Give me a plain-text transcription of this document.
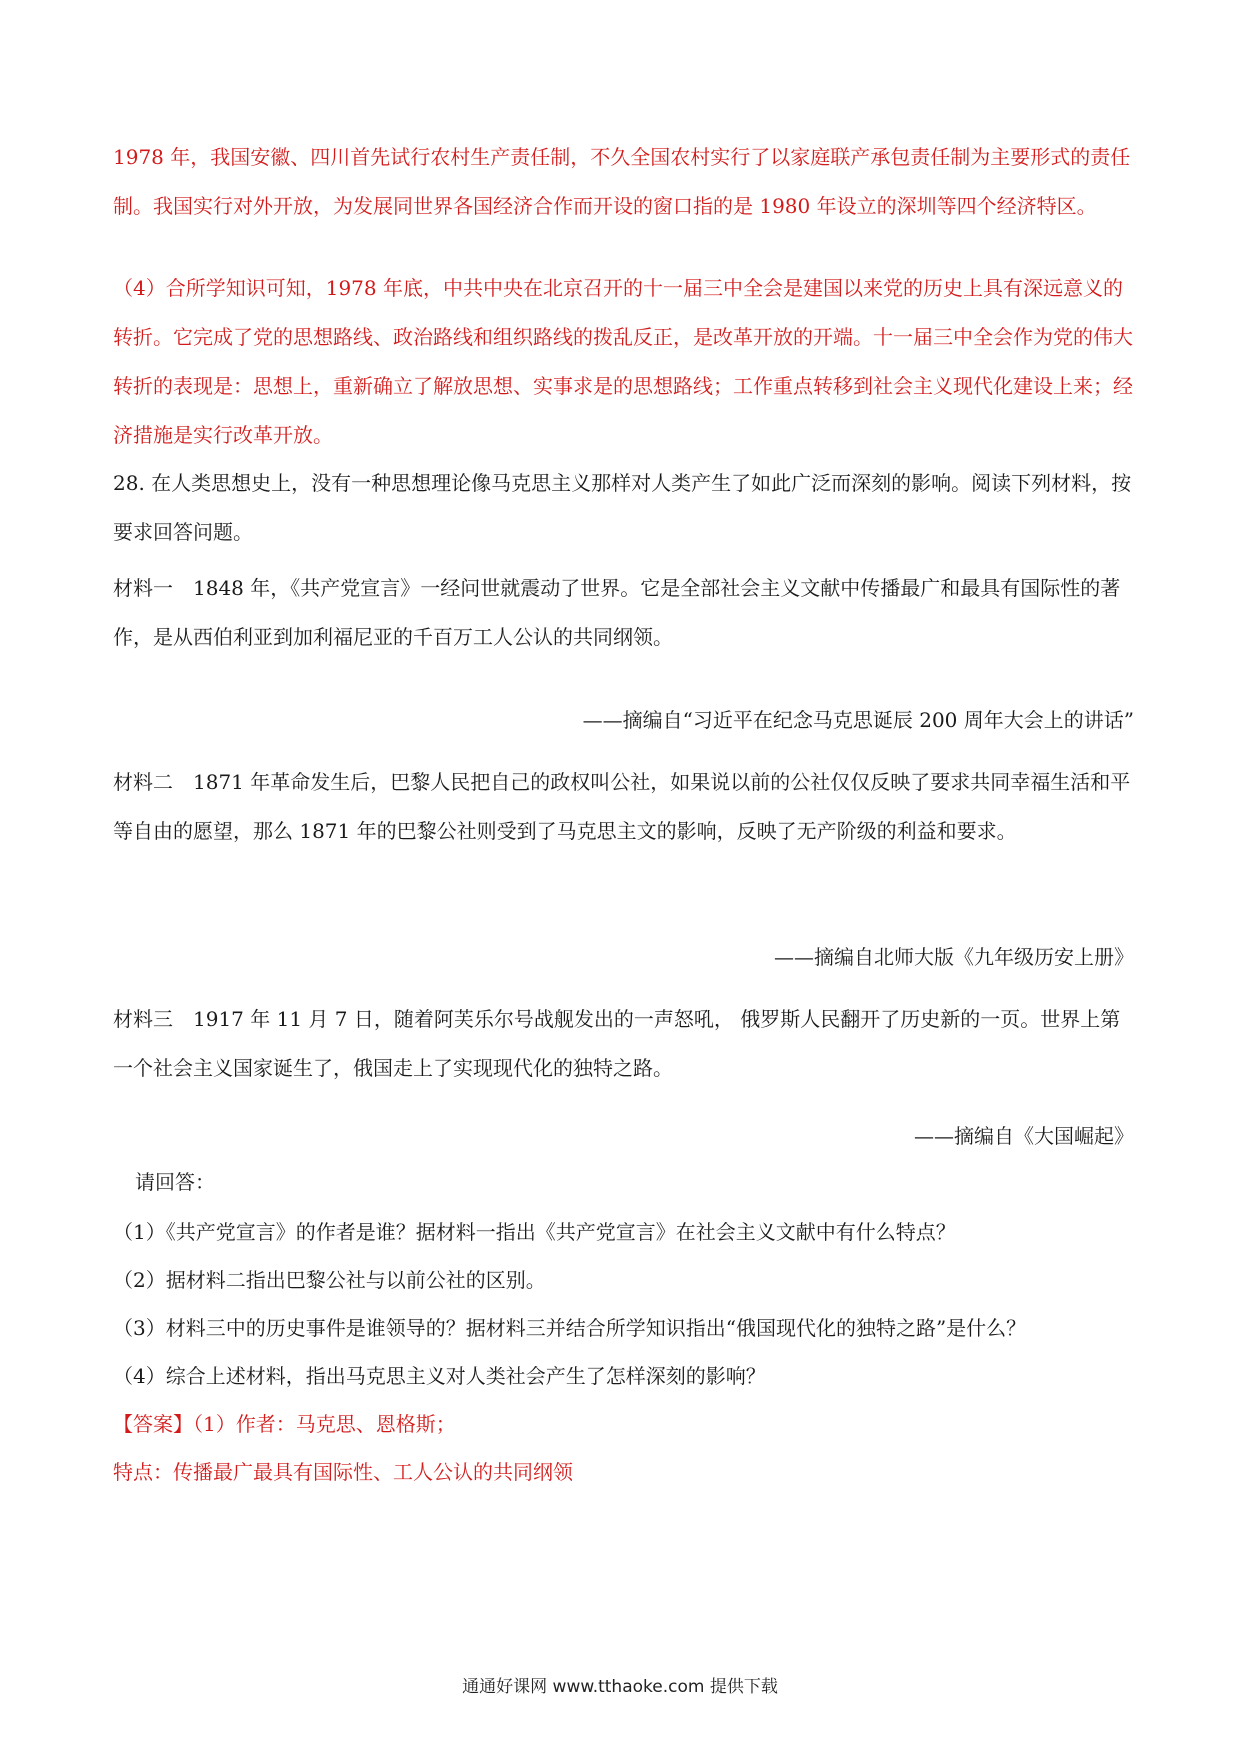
1978 年，我国安徽、四川首先试行农村生产责任制，不久全国农村实行了以家庭联产承包责任制为主要形式的责任制。我国实行对外开放，为发展同世界各国经济合作而开设的窗口指的是 1980 年设立的深圳等四个经济特区。

（4）合所学知识可知，1978 年底，中共中央在北京召开的十一届三中全会是建国以来党的历史上具有深远意义的转折。它完成了党的思想路线、政治路线和组织路线的拨乱反正，是改革开放的开端。十一届三中全会作为党的伟大转折的表现是：思想上，重新确立了解放思想、实事求是的思想路线；工作重点转移到社会主义现代化建设上来；经济措施是实行改革开放。

28. 在人类思想史上，没有一种思想理论像马克思主义那样对人类产生了如此广泛而深刻的影响。阅读下列材料，按要求回答问题。

材料一　1848 年，《共产党宣言》一经问世就震动了世界。它是全部社会主义文献中传播最广和最具有国际性的著作，是从西伯利亚到加利福尼亚的千百万工人公认的共同纲领。

——摘编自“习近平在纪念马克思诞辰 200 周年大会上的讲话”

材料二　1871 年革命发生后，巴黎人民把自己的政权叫公社，如果说以前的公社仅仅反映了要求共同幸福生活和平等自由的愿望，那么 1871 年的巴黎公社则受到了马克思主文的影响，反映了无产阶级的利益和要求。

——摘编自北师大版《九年级历安上册》

材料三　1917 年 11 月 7 日，随着阿芙乐尔号战舰发出的一声怒吼， 俄罗斯人民翻开了历史新的一页。世界上第一个社会主义国家诞生了，俄国走上了实现现代化的独特之路。

——摘编自《大国崛起》
请回答：
（1）《共产党宣言》的作者是谁？据材料一指出《共产党宣言》在社会主义文献中有什么特点？
（2）据材料二指出巴黎公社与以前公社的区别。
（3）材料三中的历史事件是谁领导的？据材料三并结合所学知识指出“俄国现代化的独特之路”是什么？
（4）综合上述材料，指出马克思主义对人类社会产生了怎样深刻的影响？
【答案】（1）作者：马克思、恩格斯；
特点：传播最广最具有国际性、工人公认的共同纲领
通通好课网 www.tthaoke.com 提供下载
